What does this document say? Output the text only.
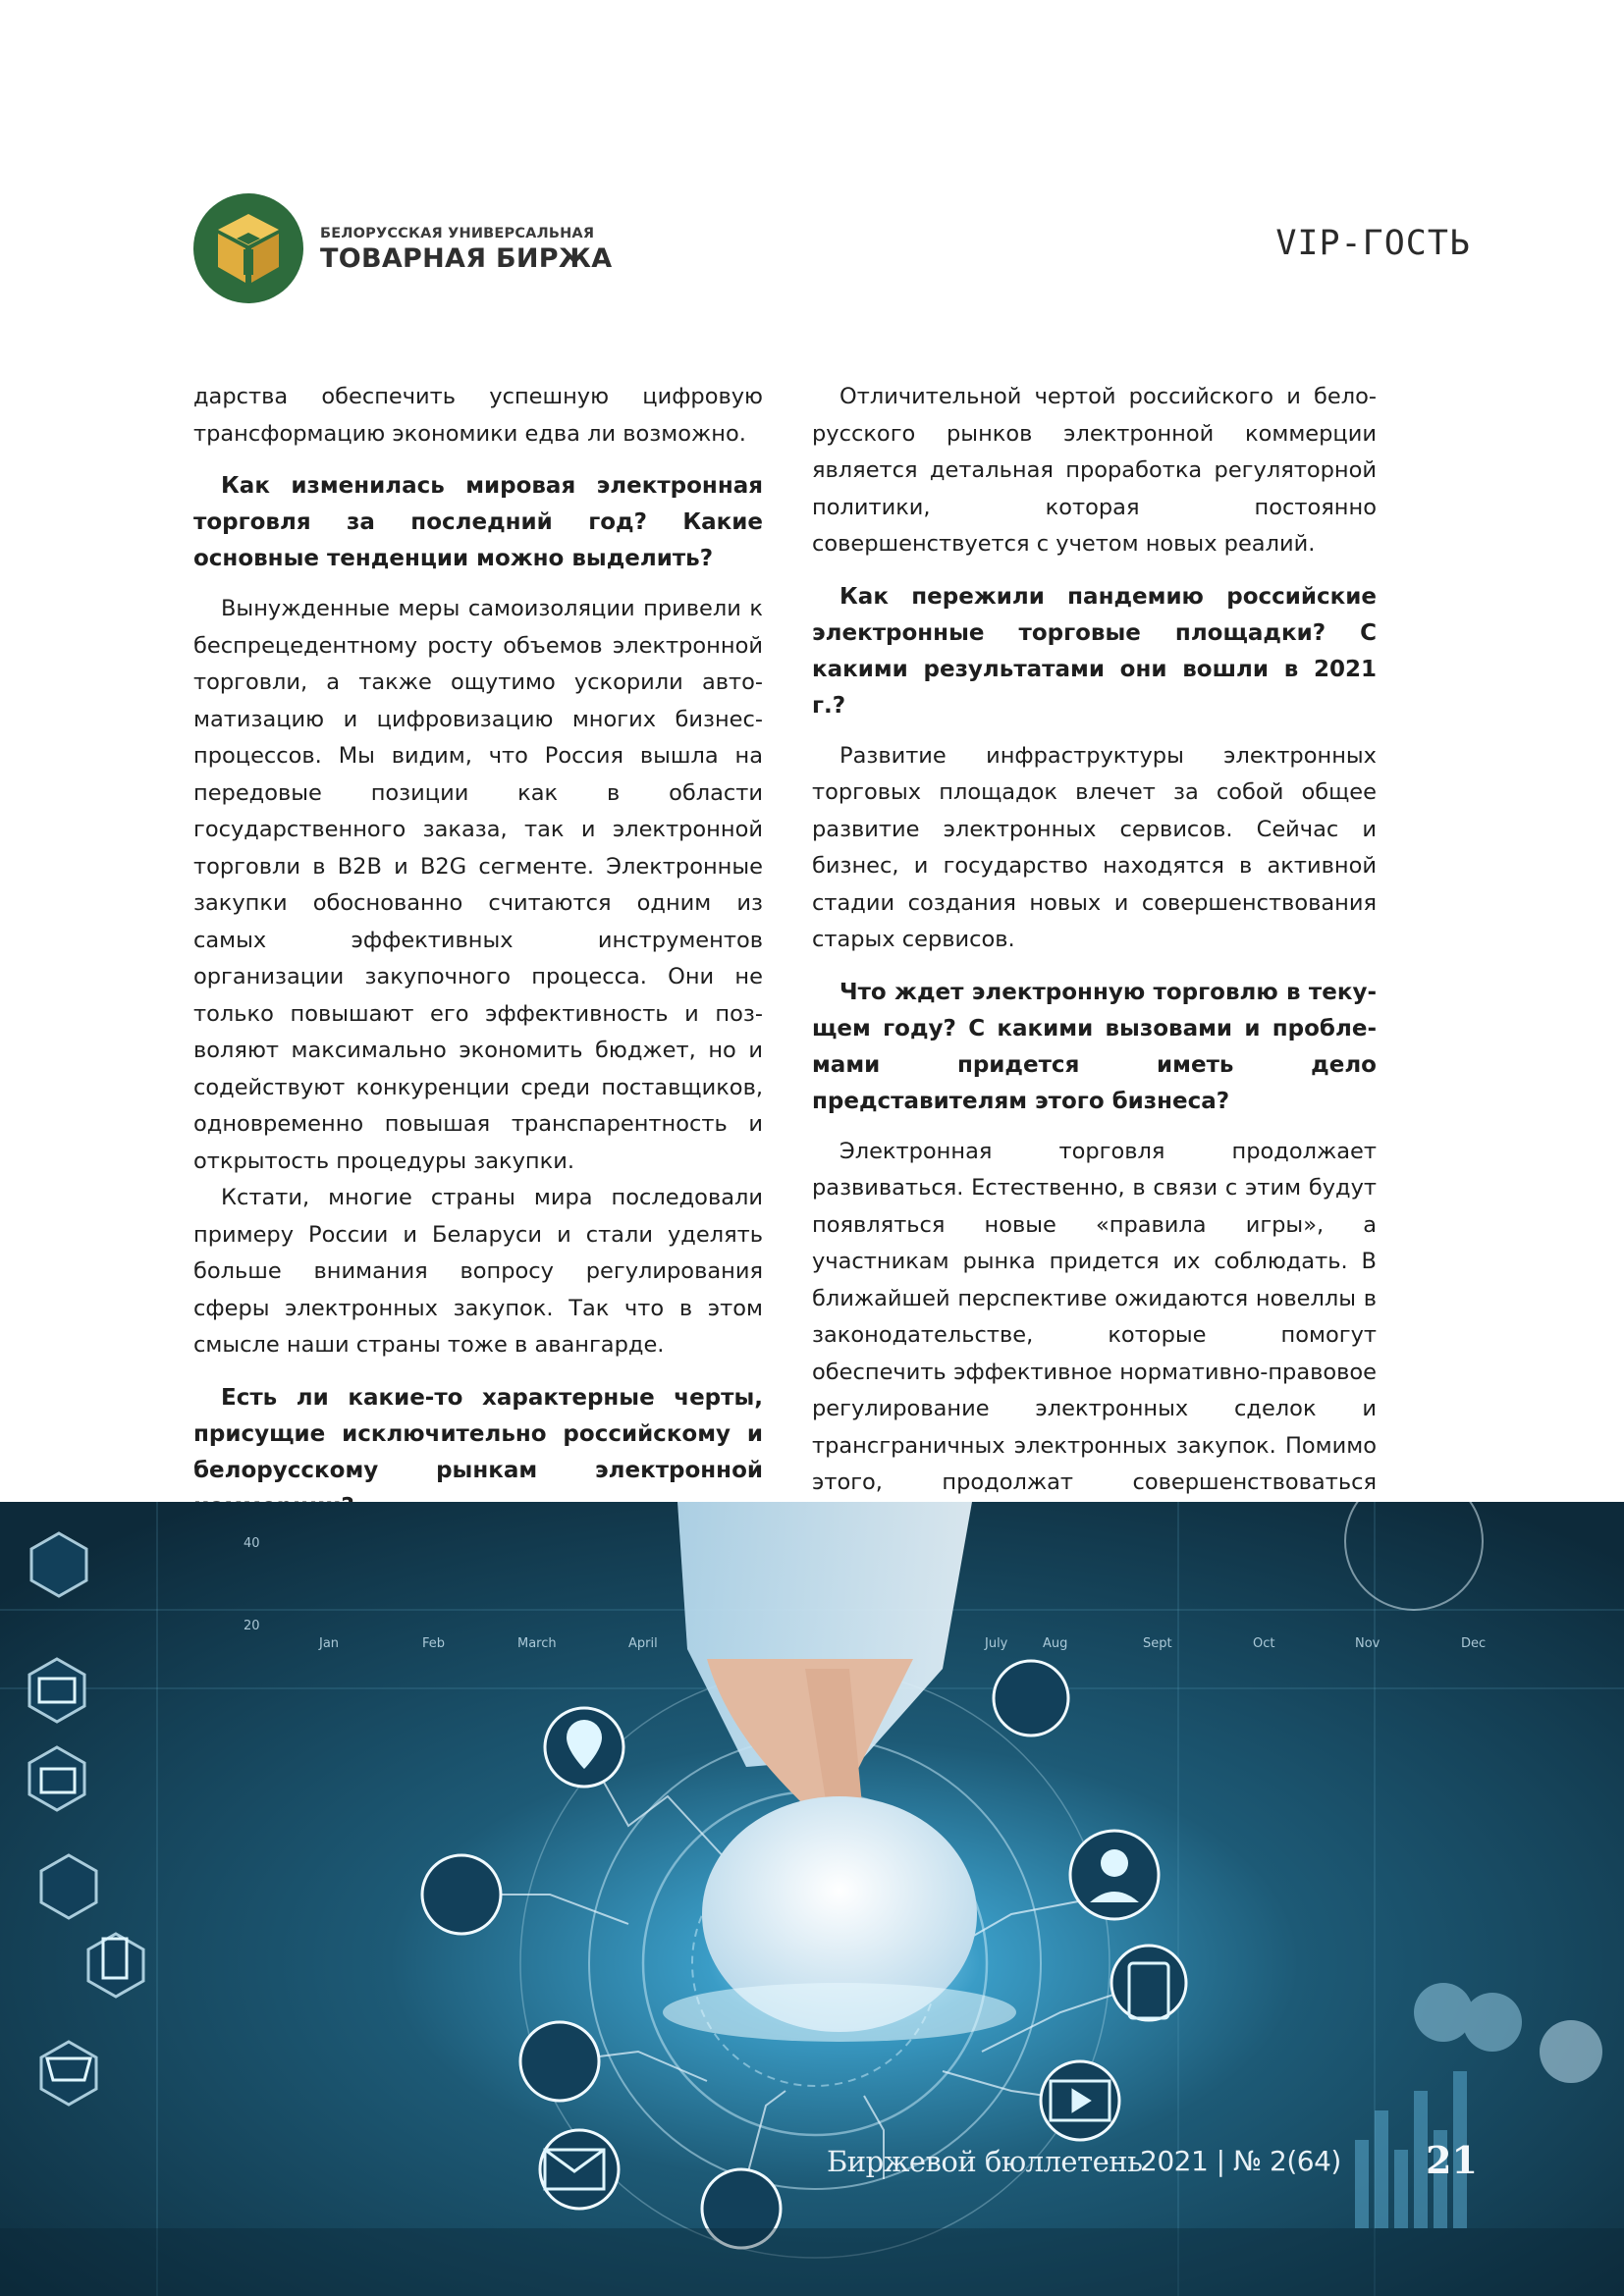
БЕЛОРУССКАЯ УНИВЕРСАЛЬНАЯ
ТОВАРНАЯ БИРЖА	VIP-ГОСТЬ

дарства обеспечить успешную цифровую трансформацию экономики едва ли возможно.

Как изменилась мировая электронная торговля за последний год? Какие основные тенденции можно выделить?

Вынужденные меры самоизоляции привели к беспрецедентному росту объемов электронной торговли, а также ощутимо ускорили автоматизацию и цифровизацию многих бизнес-процессов. Мы видим, что Россия вышла на передовые позиции как в области государственного заказа, так и электронной торговли в B2B и B2G сегменте. Электронные закупки обоснованно считаются одним из самых эффективных инструментов организации закупочного процесса. Они не только повышают его эффективность и позволяют максимально экономить бюджет, но и содействуют конкуренции среди поставщиков, одновременно повышая транспарентность и открытость процедуры закупки.

Кстати, многие страны мира последовали примеру России и Беларуси и стали уделять больше внимания вопросу регулирования сферы электронных закупок. Так что в этом смысле наши страны тоже в авангарде.

Есть ли какие-то характерные черты, присущие исключительно российскому и белорусскому рынкам электронной

Отличительной чертой российского и белорусского рынков электронной коммерции является детальная проработка регуляторной политики, которая постоянно совершенствуется с учетом новых реалий.

Как пережили пандемию российские электронные торговые площадки? С какими результатами они вошли в 2021 г.?

Развитие инфраструктуры электронных торговых площадок влечет за собой общее развитие электронных сервисов. Сейчас и бизнес, и государство находятся в активной стадии создания новых и совершенствования старых сервисов.

Что ждет электронную торговлю в текущем году? С какими вызовами и проблемами придется иметь дело представителям этого бизнеса?

Электронная торговля продолжает развиваться. Естественно, в связи с этим будут появляться новые «правила игры», а участникам рынка придется их соблюдать. В ближайшей перспективе ожидаются новеллы в законодательстве, которые помогут обеспечить эффективное нормативно-правовое регулирование электронных сделок и трансграничных электронных закупок. Помимо этого, продолжат совершенствоваться

Jan	Feb	March	April	July	Aug	Sept	Oct	Nov	Dec
40
20
Биржевой бюллетень
2021 | № 2(64) 21
